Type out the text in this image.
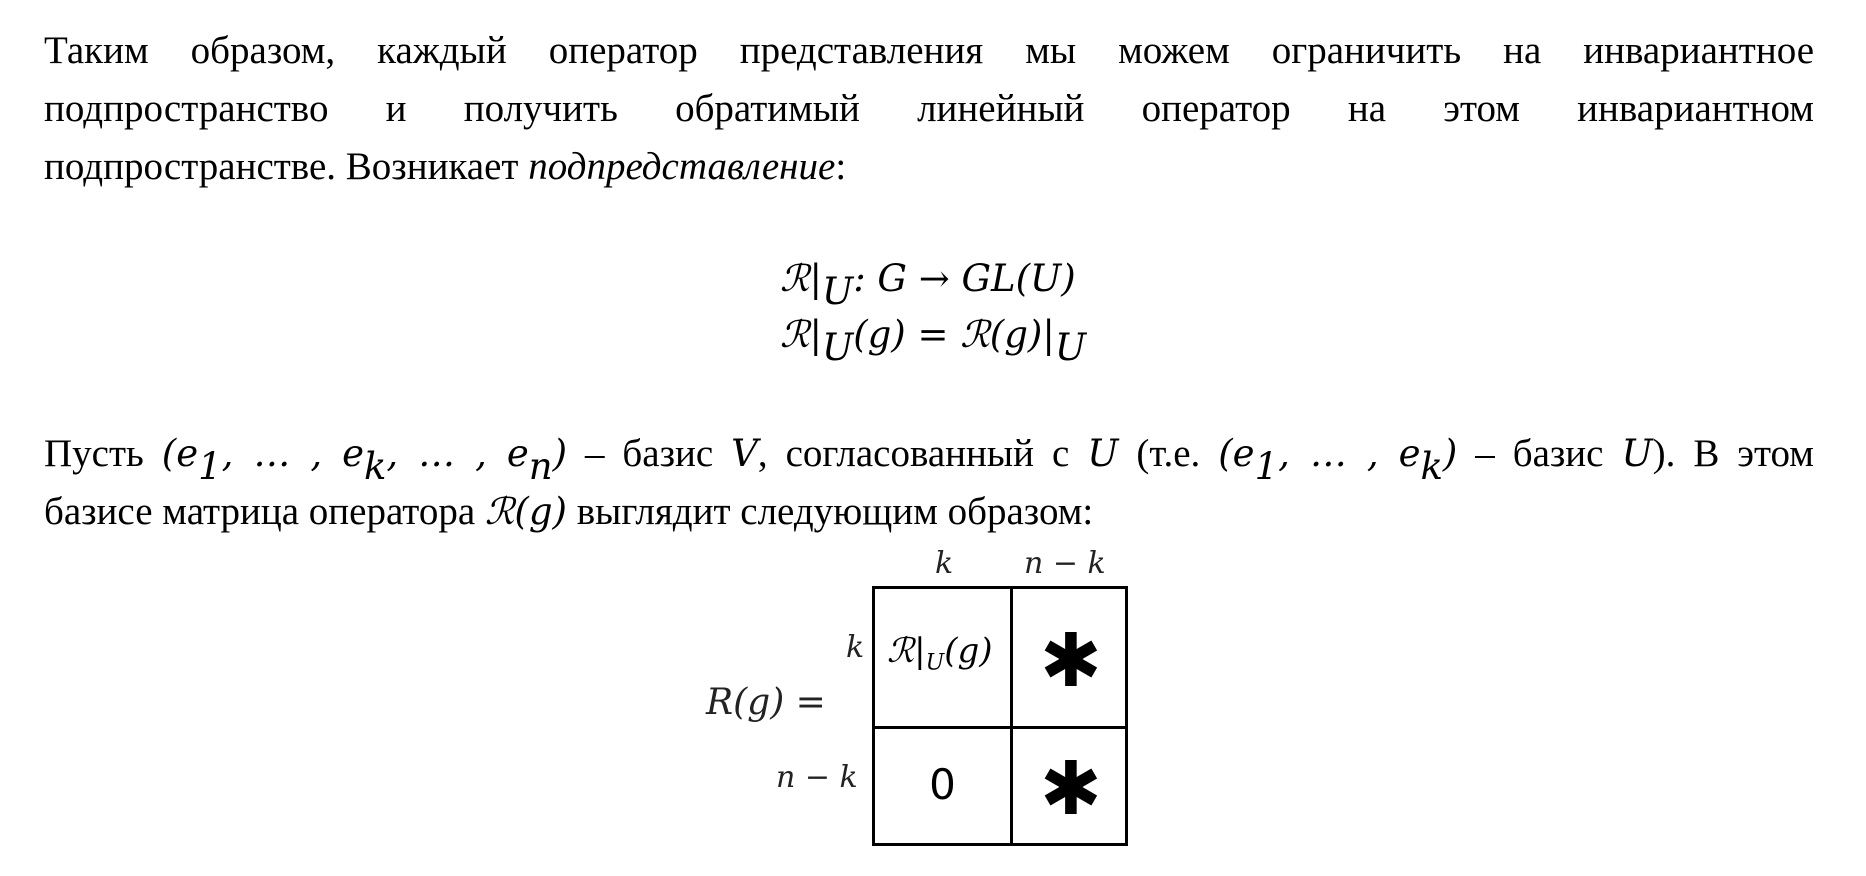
Таким образом, каждый оператор представления мы можем ограничить на инвариантное

подпространство и получить обратимый линейный оператор на этом инвариантном

подпространстве. Возникает подпредставление:

$ℛ|_U$: G → GL(U)
$ℛ|_U(g)$ = $ℛ(g)|_U$

Пусть ($e_1$, … , $e_k$, … , $e_n$) – базис V, согласованный с U (т.е. ($e_1$, … , $e_k$) – базис U). В этом

базисе матрица оператора ℛ(g) выглядит следующим образом:

R(g) =
k n − k
k
n − k
$ℛ|_U(g)$ ✱
0	✱
